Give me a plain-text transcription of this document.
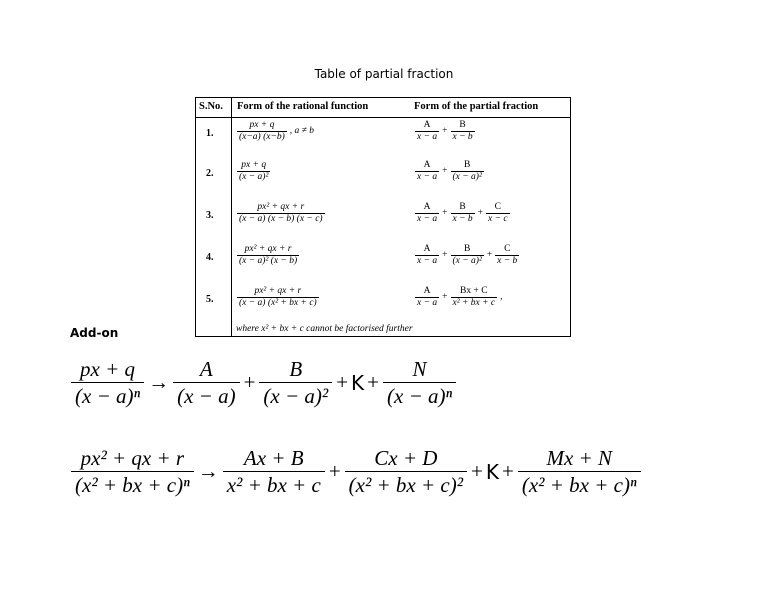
Table of partial fraction
S.No. Form of the rational function	Form of the partial fraction
1. $\frac{px + q}{(x-a) (x-b)}$ , a ≠ b	$\frac{A}{x - a} + \frac{B}{x - b}$
2. $\frac{px + q}{\text{(x − a)²}}$	$\frac{A}{x - a} + \frac{B}{\text{(x − a)²}}$
3. $\frac{\text{px² + qx + r}}{(x - a) (x - b) (x - c)}$	$\frac{A}{x - a} + \frac{B}{x - b} + \frac{C}{x - c}$
4. $\frac{\text{px² + qx + r}}{\text{(x − a)² (x − b)}}$	$\frac{A}{x - a} + \frac{B}{\text{(x − a)²}} + \frac{C}{x - b}$
5. $\frac{\text{px² + qx + r}}{\text{(x − a) (x² + bx + c)}}$	$\frac{A}{x - a} + \frac{Bx + C}{\text{x² + bx + c}}$ ,
where x² + bx + c cannot be factorised further
Add-on
$\frac{px + q}{\text{(x − a)ⁿ}} \to \frac{A}{(x - a)} + \frac{B}{\text{(x − a)²}} + K + \frac{N}{\text{(x − a)ⁿ}}$
$\frac{\text{px² + qx + r}}{\text{(x² + bx + c)ⁿ}} \to \frac{Ax + B}{\text{x² + bx + c}} + \frac{Cx + D}{\text{(x² + bx + c)²}} + K + \frac{Mx + N}{\text{(x² + bx + c)ⁿ}}$
